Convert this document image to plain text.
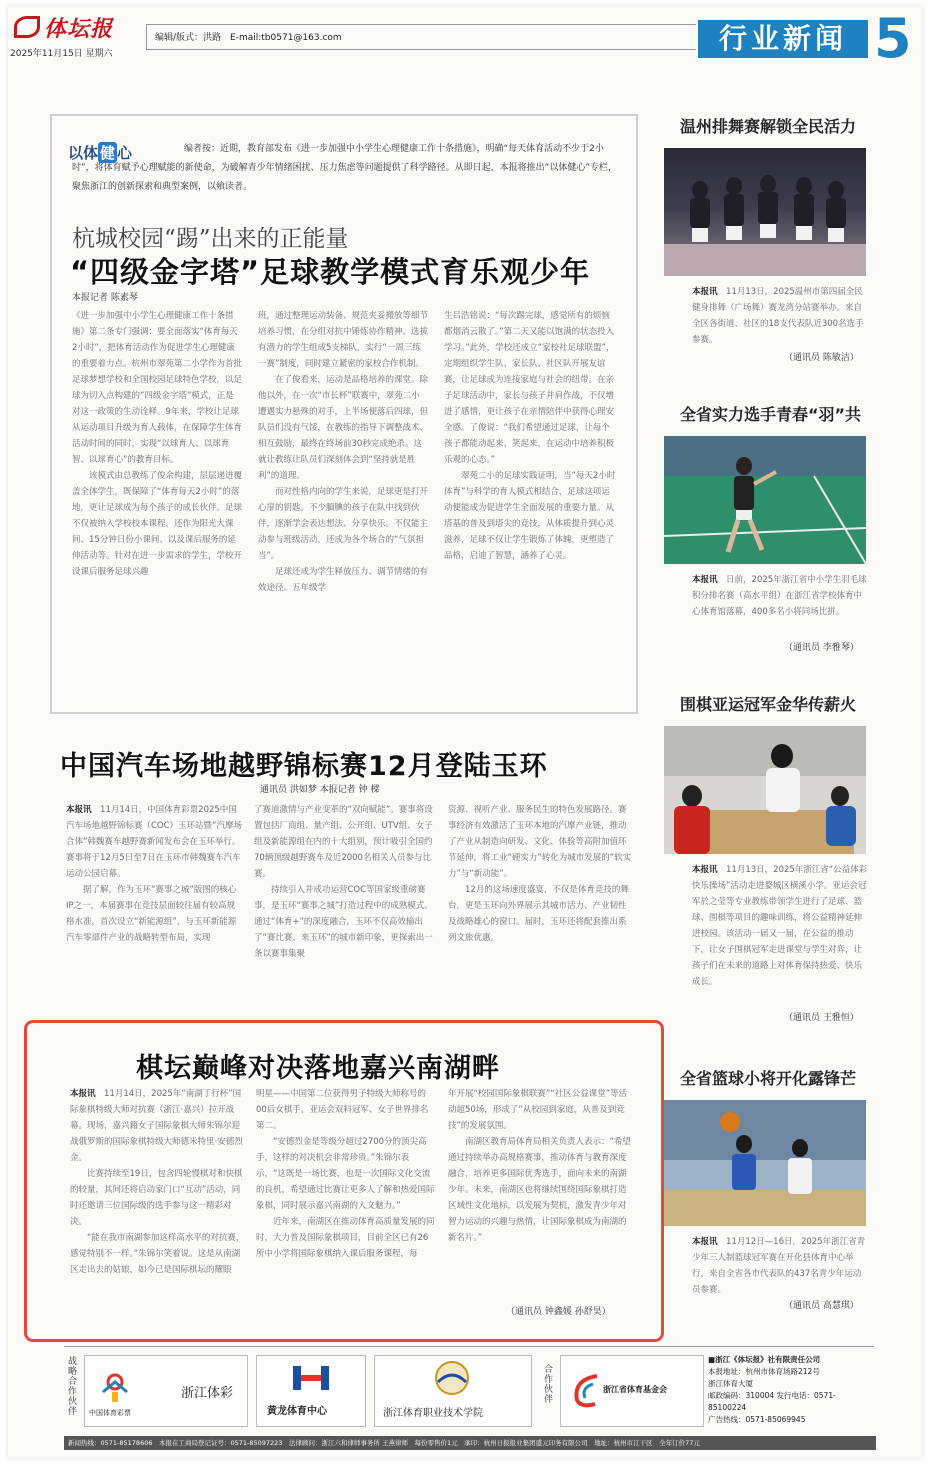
体坛报
2025年11月15日 星期六
编辑/版式：洪路　E-mail:tb0571@163.com	行业新闻 5
以体 健 心	编者按：近期，教育部发布《进一步加强中小学生心理健康工作十条措施》，明确“每天体育活动不少于2小时”，将体育赋予心理赋能的新使命，为破解青少年情绪困扰、压力焦虑等问题提供了科学路径。从即日起，本报将推出“以体健心”专栏，聚焦浙江的创新探索和典型案例，以飨读者。
杭城校园“踢”出来的正能量
“四级金字塔”足球教学模式育乐观少年
本报记者 陈素琴
《进一步加强中小学生心理健康工作十条措施》第二条专门强调：要全面落实“体育每天2小时”，把体育活动作为促进学生心理健康的重要着力点。杭州市翠苑第二小学作为首批足球梦想学校和全国校园足球特色学校，以足球为切入点构建的“四级金字塔”模式，正是对这一政策的生动诠释。9年来，学校让足球从运动项目升级为育人载体，在保障学生体育活动时间的同时，实现“以球育人、以球育智、以球育心”的教育目标。
　　该模式由总教练了俊余构建，层层递进覆盖全体学生，既保障了“体育每天2小时”的落地，更让足球成为每个孩子的成长伙伴。足球不仅被纳入学校校本课程，还作为阳光大课间、15分钟日份小课间、以及课后服务的延伸活动等。针对在进一步需求的学生，学校开设课后服务足球兴趣
班，通过整理运动装备、规范夹妥搬放等细节培养习惯，在分组对抗中锤炼协作精神。选拔有潜力的学生组成5支梯队，实行“一周三练一赛”制度，同时建立紧密的家校合作机制。
　　在了俊看来，运动是品格培养的课堂。除他以外，在一次“市长杯”联赛中，翠苑二小遭遇实力悬殊的对手，上半场便落后四球，但队员们没有气馁，在教练的指导下调整战术、相互鼓励，最终在终场前30秒完成绝杀。这就让教练让队员们深刻体会到“坚持就是胜利”的道理。
　　而对性格内向的学生来说，足球更是打开心扉的钥匙。不少腼腆的孩子在队中找到伙伴，逐渐学会表达想法、分享快乐。不仅能主动参与班级活动，还成为各个场合的“气氛担当”。
　　足球还成为学生释放压力、调节情绪的有效途径。五年级学
生吕浩铭说：“每次踢完球，感觉所有的烦恼都烟消云散了。”第二天又能以饱满的状态投入学习。”此外，学校还成立“家校社足球联盟”，定期组织学生队、家长队、社区队开展友谊赛，让足球成为连接家庭与社会的纽带。在亲子足球活动中，家长与孩子并肩作战，不仅增进了感情，更让孩子在亲情陪伴中获得心理安全感。了俊说：“我们希望通过足球，让每个孩子都能动起来、笑起来，在运动中培养积极乐观的心态。”
　　翠苑二小的足球实践证明，当“每天2小时体育”与科学的育人模式相结合，足球这项运动便能成为促进学生全面发展的重要力量。从塔基的普及到塔尖的竞技，从体质提升到心灵滋养，足球不仅让学生锻炼了体魄，更塑造了品格，启迪了智慧，涵养了心灵。
中国汽车场地越野锦标赛12月登陆玉环
通讯员 洪如梦 本报记者 钟 樑
本报讯　 11月14日，中国体育彩票2025中国汽车场地越野锦标赛（COC）玉环站暨“汽摩场合体”韩魏赛车越野赛新闻发布会在玉环举行。赛事将于12月5日至7日在玉环市韩魏赛车汽车运动公园启幕。
　　据了解，作为玉环“赛事之城”版图的核心IP之一，本届赛事在竞技层面较往届有较高规格水准，首次设立“新能源组”，与玉环新能源汽车零部件产业的战略转型布局，实现
了赛道激情与产业变革的“双向赋能”。赛事将设置包括厂商组、量产组、公开组、UTV组、女子组及新能源组在内的十大组别，预计吸引全国约70辆顶级越野赛车及近2000名相关人员参与比赛。
　　持续引入并成功运营COC等国家级重磅赛事，是玉环“赛事之城”打造过程中的成熟模式。通过“体育+”的深度融合，玉环不仅高效输出了“赛比赛、来玉环”的城市新印象，更探索出一条以赛事集聚
资源、视听产业、服务民生的特色发展路径。赛事经济有效激活了玉环本地的汽摩产业链，推动了产业从制造向研发、文化、体验等高附加值环节延伸，将工业“硬实力”转化为城市发展的“软实力”与“新动能”。
　　12月的这场速度盛宴，不仅是体育竞技的舞台，更是玉环向外界展示其城市活力、产业韧性及战略雄心的窗口。届时，玉环还将配套推出系列文旅优惠。
棋坛巅峰对决落地嘉兴南湖畔
本报讯　 11月14日，2025年“南湖丁行杯”国际象棋特级大师对抗赛（浙江·嘉兴）拉开战幕。现场，嘉兴籍女子国际象棋大师朱锦尔迎战俄罗斯的国际象棋特级大师德米特里·安德烈金。
　　比赛持续至19日，包含四轮慢棋对和快棋的较量，其间还将启动家门口“互动”活动，同时还邀请三位国际级的选手参与这一精彩对决。
　　“能在我市南湖参加这样高水平的对抗赛，感觉特别不一样。”朱锦尔笑着说。这是从南湖区走出去的姑娘，如今已是国际棋坛的耀眼
明星——中国第二位获得男子特级大师称号的00后女棋手，亚运会双料冠军、女子世界排名第二。
　　“安德烈金是等级分超过2700分的顶尖高手，这样的对决机会非常珍贵。”朱锦尔表示，“这既是一场比赛，也是一次国际文化交流的良机，希望通过比赛让更多人了解和热爱国际象棋，同时展示嘉兴南湖的人文魅力。”
　　近年来，南湖区在推动体育高质量发展的同时，大力普及国际象棋项目，目前全区已有26所中小学将国际象棋纳入课后服务课程，每
年开展“校园国际象棋联赛”“社区公益课堂”等活动超50场，形成了“从校园到家庭，从普及到竞技”的发展氛围。
　　南湖区教育局体育局相关负责人表示：“希望通过持续举办高规格赛事，推动体育与教育深度融合，培养更多国际优秀选手，面向未来的南湖少年。未来，南湖区也将继续围绕国际象棋打造区域性文化地标，以发展为契机，激发青少年对智力运动的兴趣与热情，让国际象棋成为南湖的新名片。”
（通讯员 钟鑫媛 孙舒昊）
温州排舞赛解锁全民活力
本报讯　 11月13日，2025温州市第四届全民健身排舞（广场舞）赛龙湾分站赛举办。来自全区各街道、社区的18支代表队近300名选手参赛。
（通讯员 陈敏洁）
全省实力选手青春“羽”共
本报讯　 日前，2025年浙江省中小学生羽毛球积分排名赛（高水平组）在浙江省学校体育中心体育馆落幕，400多名小将同场比拼。
（通讯员 李雅琴）
围棋亚运冠军金华传薪火
本报讯　 11月13日，2025年浙江省“公益体彩 快乐操场”活动走进婺城区横溪小学。亚运会冠军於之莹等专业教练带领学生进行了足球、篮球、围棋等项目的趣味训练，将公益精神延伸进校园。该活动一届又一届，在公益的推动下，让女子围棋冠军走进课堂与学生对弈，让孩子们在未来的道路上对体育保持热爱、快乐成长。
（通讯员 王雅恒）
全省篮球小将开化露锋芒
本报讯　 11月12日—16日，2025年浙江省青少年三人制篮球冠军赛在开化县体育中心举行，来自全省各市代表队的437名青少年运动员参赛。
（通讯员 高慧琪）
战略合作伙伴 中国体育彩票
浙江体彩
黄龙体育中心	浙江体育职业技术学院
合作伙伴
浙江省体育基金会
■浙江《体坛报》社有限责任公司
本报地址：杭州市体育场路212号
浙江体育大厦
邮政编码：310004 发行电话：0571-85100224
广告热线：0571-85069945
新闻热线：0571-85178606　本报在工商局登记证号：0571-85097223　法律顾问：浙江六和律师事务所 王燕律师　每份零售价1元　承印：杭州日报报业集团盛元印务有限公司　地址：杭州市江干区　全年订价77元
